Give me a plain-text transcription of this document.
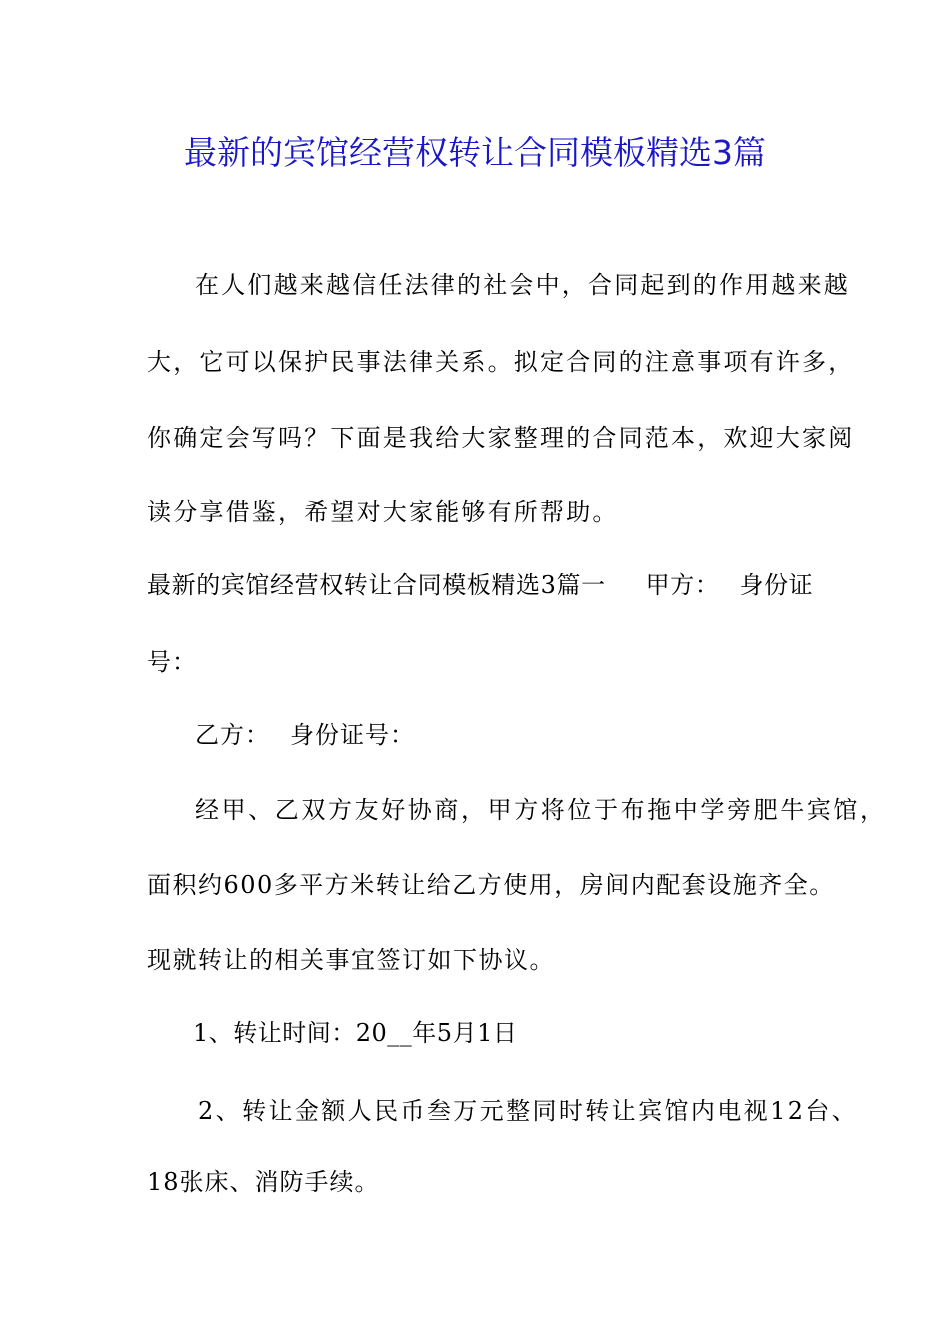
最新的宾馆经营权转让合同模板精选3篇
在人们越来越信任法律的社会中，合同起到的作用越来越
大，它可以保护民事法律关系。拟定合同的注意事项有许多，
你确定会写吗？下面是我给大家整理的合同范本，欢迎大家阅
读分享借鉴，希望对大家能够有所帮助。
最新的宾馆经营权转让合同模板精选3篇一 甲方： 身份证
号：
乙方： 身份证号：
经甲、乙双方友好协商，甲方将位于布拖中学旁肥牛宾馆，
面积约600多平方米转让给乙方使用，房间内配套设施齐全。
现就转让的相关事宜签订如下协议。
1、转让时间：20__年5月1日
2、转让金额人民币叁万元整同时转让宾馆内电视12台、
18张床、消防手续。
